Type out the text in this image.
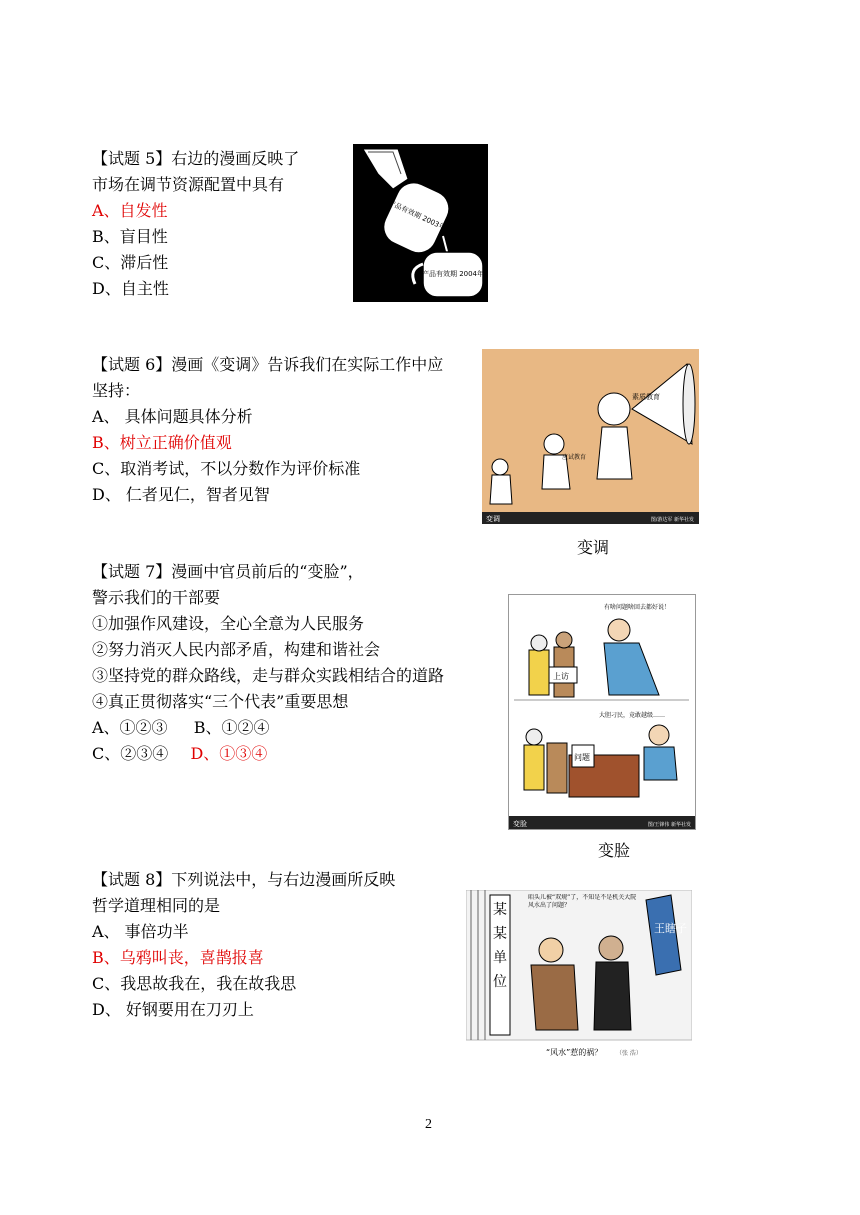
【试题 5】右边的漫画反映了
市场在调节资源配置中具有
A、自发性
B、盲目性
C、滞后性
D、自主性
产品有效期 2003年
产品有效期 2004年
【试题 6】漫画《变调》告诉我们在实际工作中应
坚持：
A、 具体问题具体分析
B、树立正确价值观
C、取消考试，不以分数作为评价标准
D、 仁者见仁，智者见智
素质教育
应试教育
变调	图/游达军 新华社发
变调
【试题 7】漫画中官员前后的“变脸”，
警示我们的干部要
①加强作风建设，全心全意为人民服务
②努力消灭人民内部矛盾，构建和谐社会
③坚持党的群众路线，走与群众实践相结合的道路
④真正贯彻落实“三个代表”重要思想
A、①②③ B、①②④
C、②③④ D、①③④
有啥问题啥回去都好说！
上访
大胆刁民，竟敢越级……
问题
变脸	图/王锋伟 新华社发
变脸
【试题 8】下列说法中，与右边漫画所反映
哲学道理相同的是
A、 事倍功半
B、乌鸦叫丧，喜鹊报喜
C、我思故我在，我在故我思
D、 好钢要用在刀刃上
某某单位
咱头儿被“双规”了，不知是不是机关大院风水出了问题？
王瞎子
“风水”惹的祸？ （张 浩）
2
